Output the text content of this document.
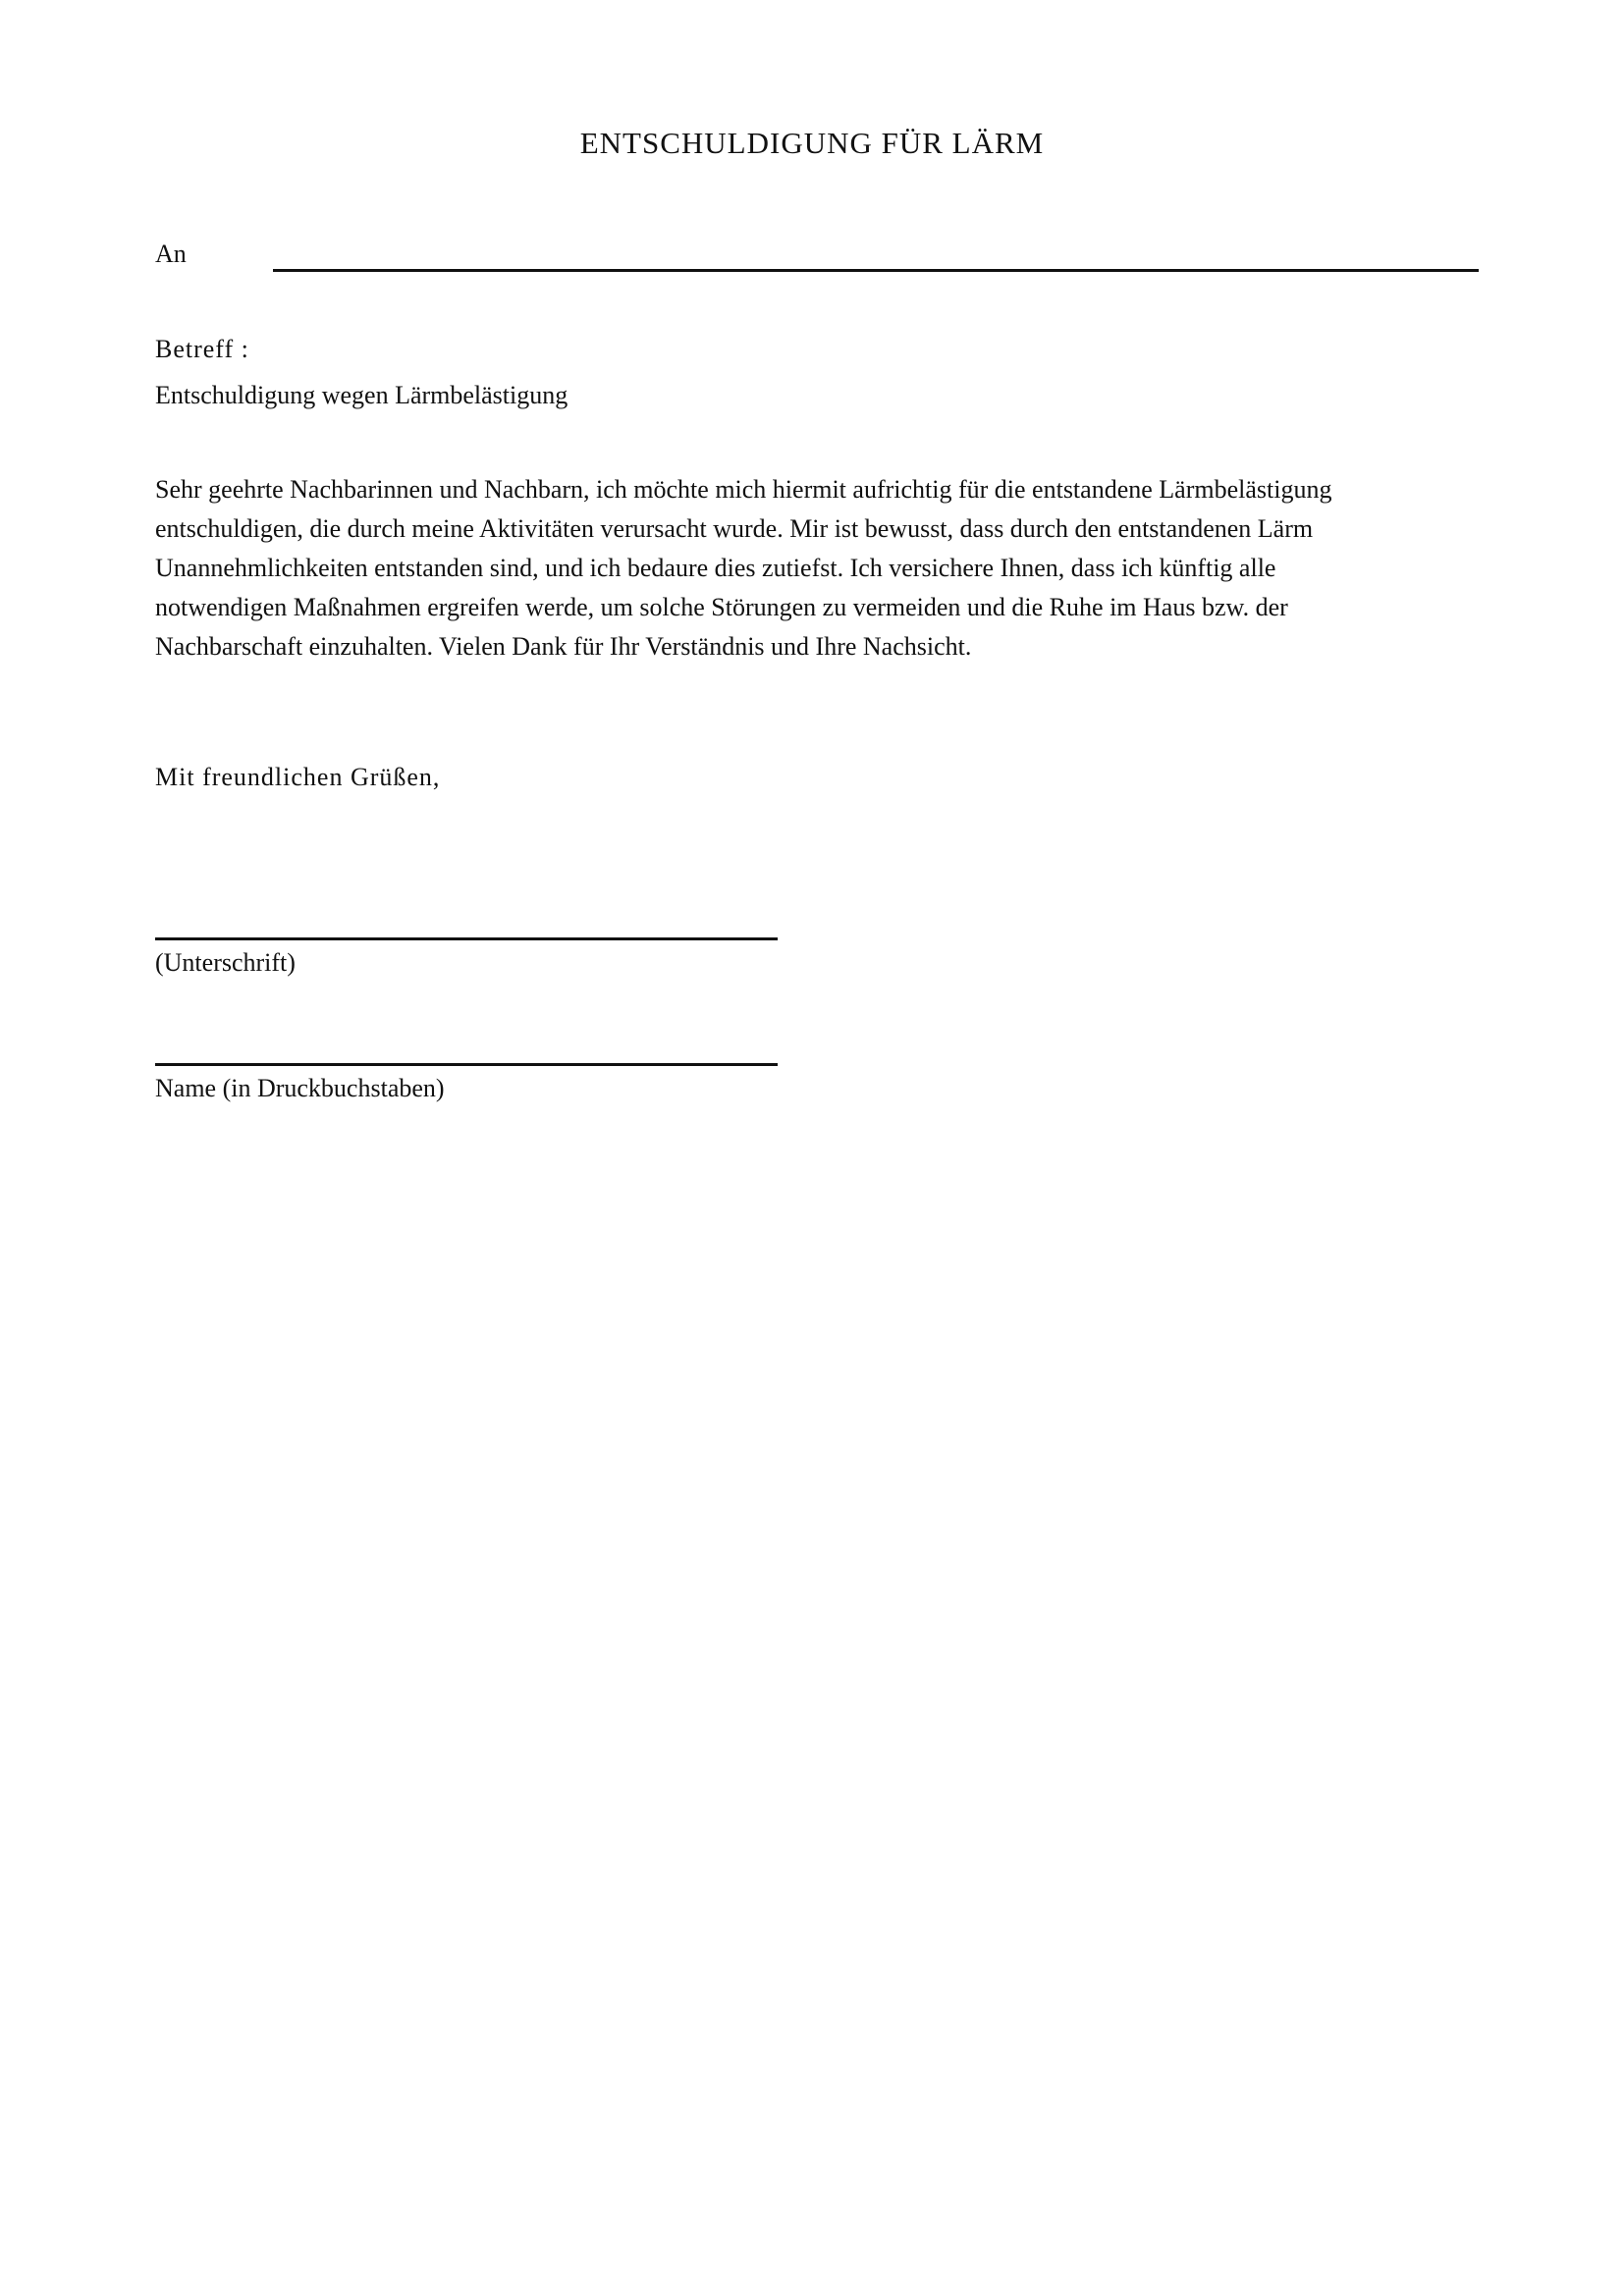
ENTSCHULDIGUNG FÜR LÄRM
An
Betreff :
Entschuldigung wegen Lärmbelästigung
Sehr geehrte Nachbarinnen und Nachbarn, ich möchte mich hiermit aufrichtig für die entstandene Lärmbelästigung
entschuldigen, die durch meine Aktivitäten verursacht wurde. Mir ist bewusst, dass durch den entstandenen Lärm
Unannehmlichkeiten entstanden sind, und ich bedaure dies zutiefst. Ich versichere Ihnen, dass ich künftig alle
notwendigen Maßnahmen ergreifen werde, um solche Störungen zu vermeiden und die Ruhe im Haus bzw. der
Nachbarschaft einzuhalten. Vielen Dank für Ihr Verständnis und Ihre Nachsicht.
Mit freundlichen Grüßen,
(Unterschrift)
Name (in Druckbuchstaben)
